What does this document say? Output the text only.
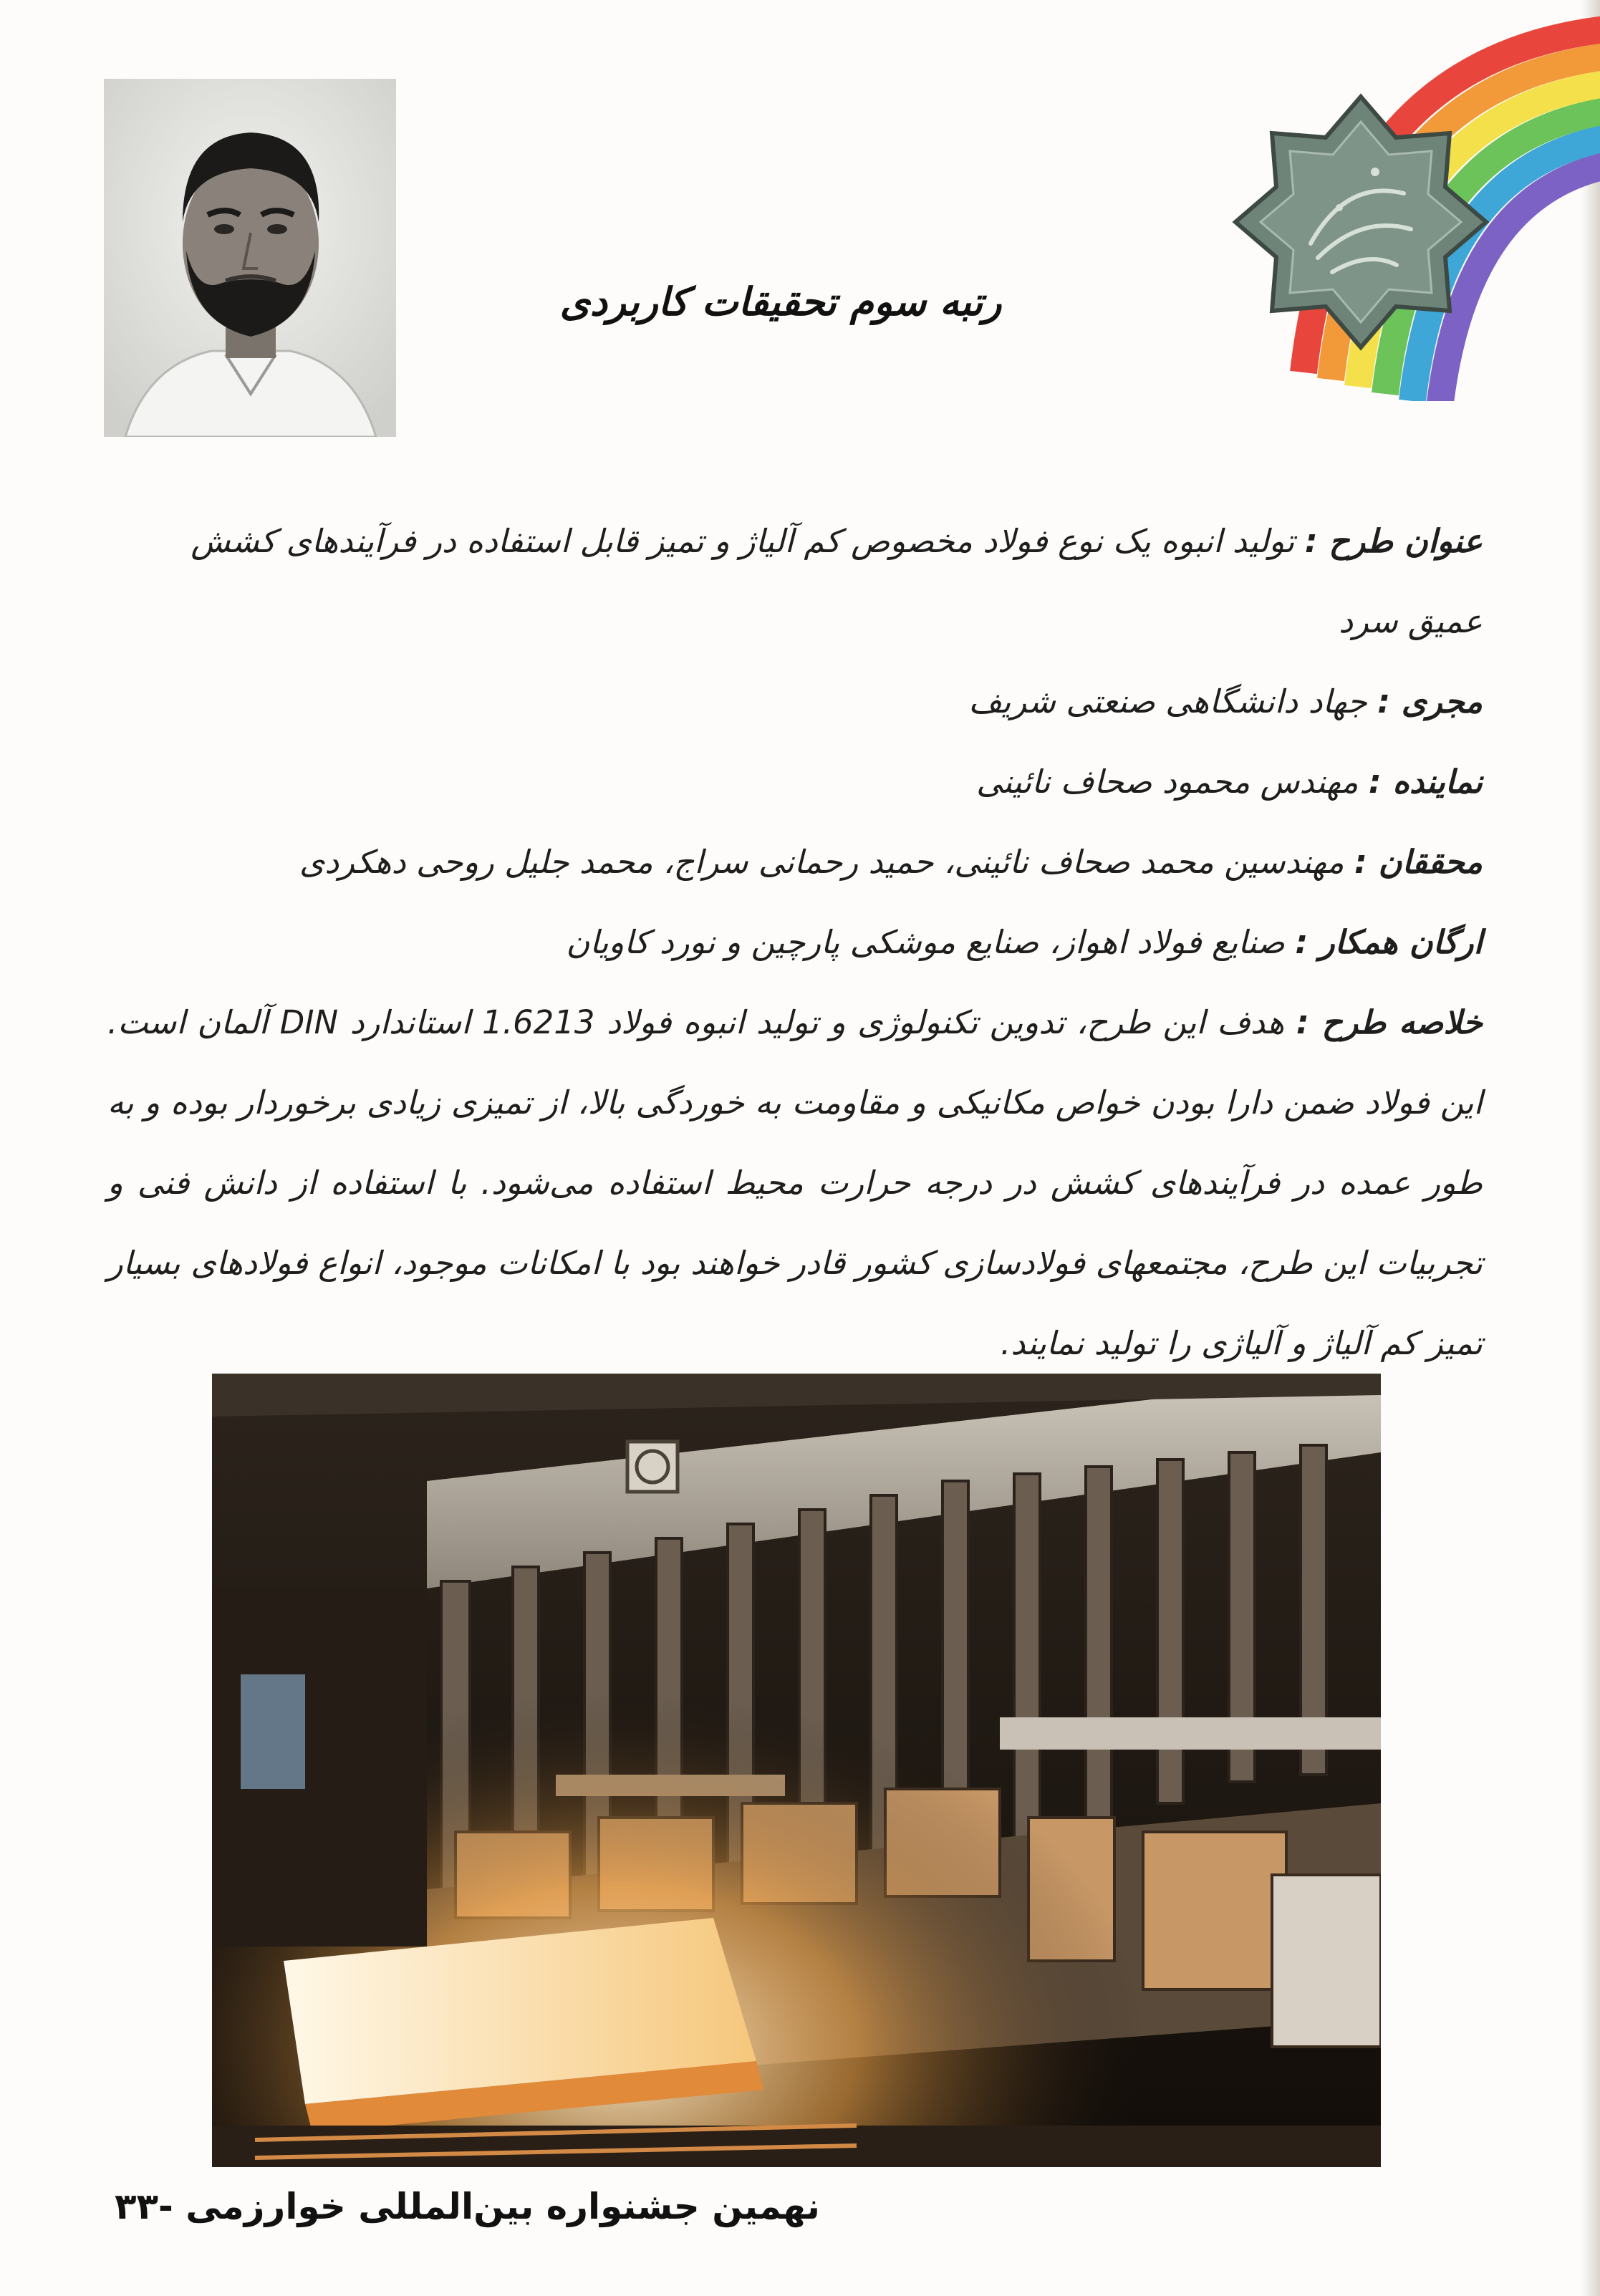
رتبه سوم تحقیقات کاربردی

عنوان طرح : تولید انبوه یک نوع فولاد مخصوص کم آلیاژ و تمیز قابل استفاده در فرآیندهای کشش

عمیق سرد

مجری : جهاد دانشگاهی صنعتی شریف

نماینده : مهندس محمود صحاف نائینی

محققان : مهندسین محمد صحاف نائینی، حمید رحمانی سراج، محمد جلیل روحی دهکردی

ارگان همکار : صنایع فولاد اهواز، صنایع موشکی پارچین و نورد کاویان

خلاصه طرح : هدف این طرح، تدوین تکنولوژی و تولید انبوه فولاد 1.6213 استاندارد DIN آلمان است. این فولاد ضمن دارا بودن خواص مکانیکی و مقاومت به خوردگی بالا، از تمیزی زیادی برخوردار بوده و به طور عمده در فرآیندهای کشش در درجه حرارت محیط استفاده می‌شود. با استفاده از دانش فنی و تجربیات این طرح، مجتمعهای فولادسازی کشور قادر خواهند بود با امکانات موجود، انواع فولادهای بسیار تمیز کم آلیاژ و آلیاژی را تولید نمایند.

نهمین جشنواره بین‌المللی خوارزمی -۳۳
